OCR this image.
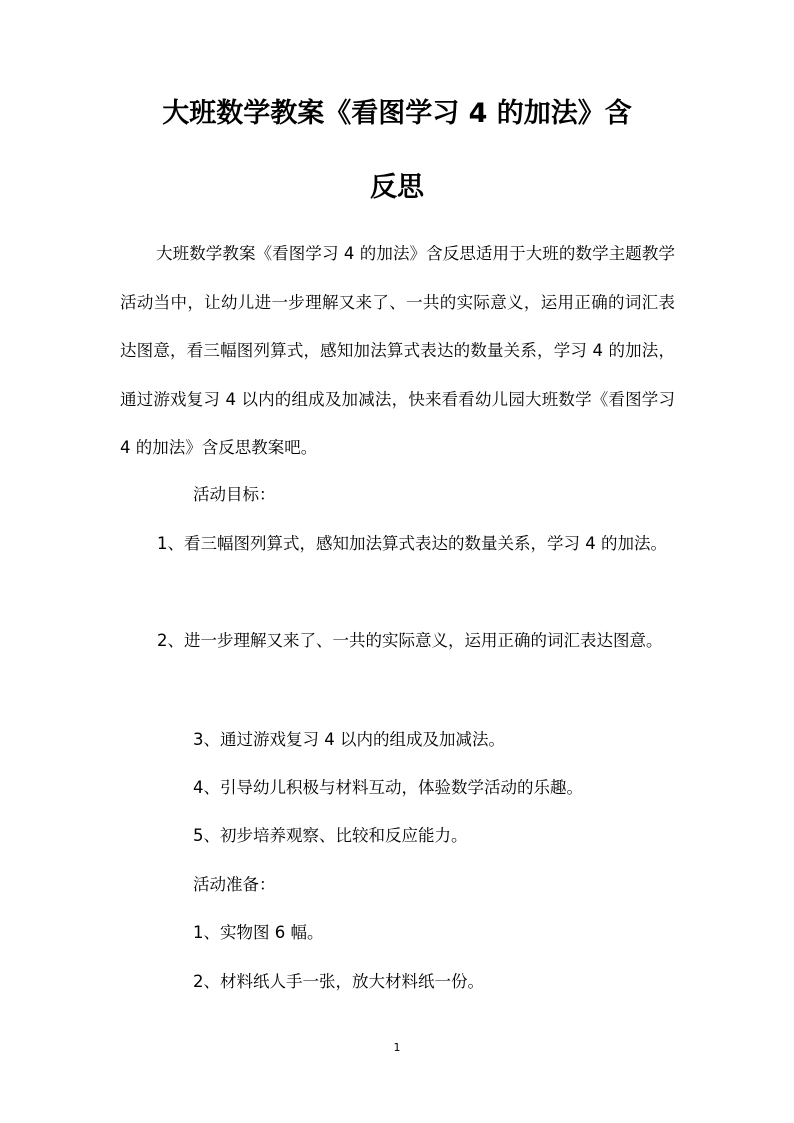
大班数学教案《看图学习 4 的加法》含
反思

大班数学教案《看图学习 4 的加法》含反思适用于大班的数学主题教学活动当中，让幼儿进一步理解又来了、一共的实际意义，运用正确的词汇表达图意，看三幅图列算式，感知加法算式表达的数量关系，学习 4 的加法，通过游戏复习 4 以内的组成及加减法，快来看看幼儿园大班数学《看图学习 4 的加法》含反思教案吧。

活动目标：

1、看三幅图列算式，感知加法算式表达的数量关系，学习 4 的加法。

2、进一步理解又来了、一共的实际意义，运用正确的词汇表达图意。

3、通过游戏复习 4 以内的组成及加减法。

4、引导幼儿积极与材料互动，体验数学活动的乐趣。

5、初步培养观察、比较和反应能力。

活动准备：

1、实物图 6 幅。

2、材料纸人手一张，放大材料纸一份。

1
